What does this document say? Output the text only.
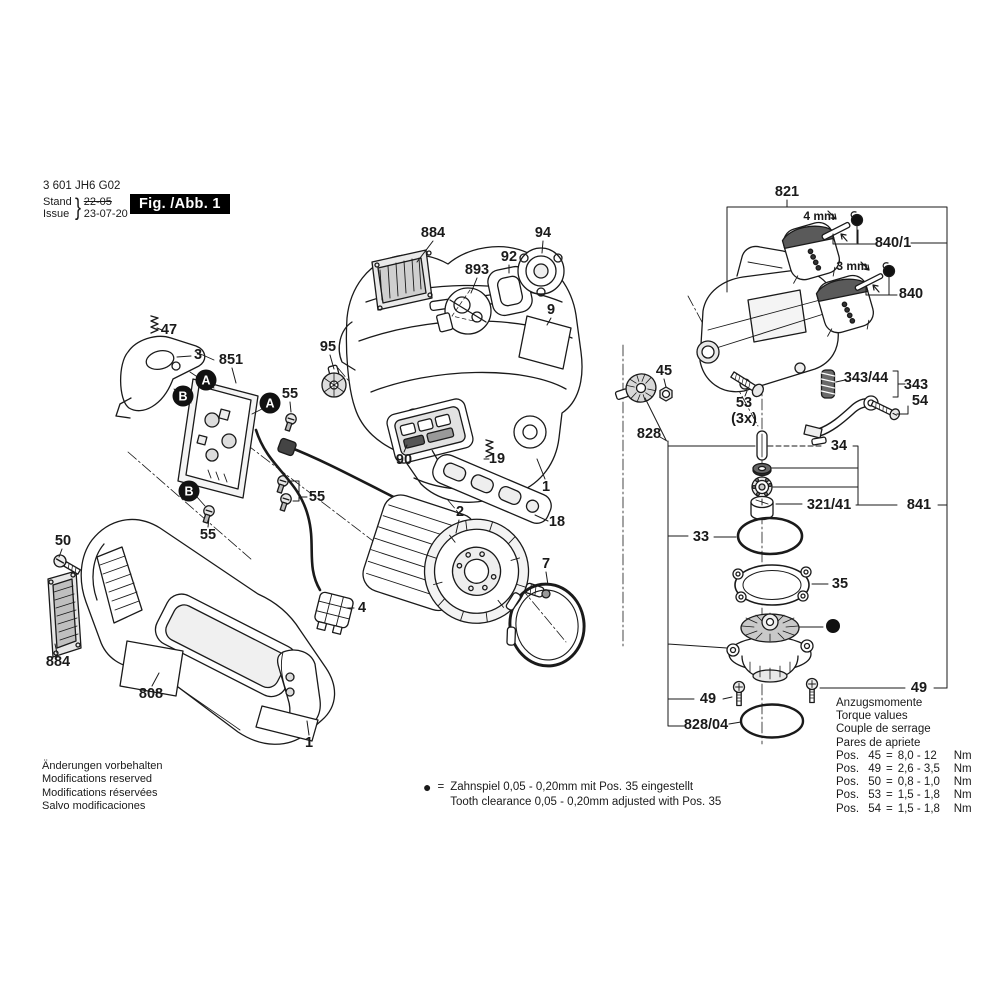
3 601 JH6 G02
Stand
Issue } 22-05
23-07-20
Fig. /Abb. 1
884	94
92
893
9
95
47
3 851
55
55
55
90	19
2
18
1
7
4
50
884
808
1
821
4 mm
840/1
3 mm
840
45
53
(3x)
343/44 343
54
828
34
321/41	841
33
35
49
49
828/04
A
B	A
B
Anzugsmomente
Torque values
Couple de serrage
Pares de apriete
Pos. 45 = 8,0 - 12	Nm
Pos. 49 = 2,6 - 3,5	Nm
Pos. 50 = 0,8 - 1,0	Nm
Pos. 53 = 1,5 - 1,8	Nm
Pos. 54 = 1,5 - 1,8	Nm
● = Zahnspiel 0,05 - 0,20mm mit Pos. 35 eingestellt
Tooth clearance 0,05 - 0,20mm adjusted with Pos. 35
Änderungen vorbehalten
Modifications reserved
Modifications réservées
Salvo modificaciones
